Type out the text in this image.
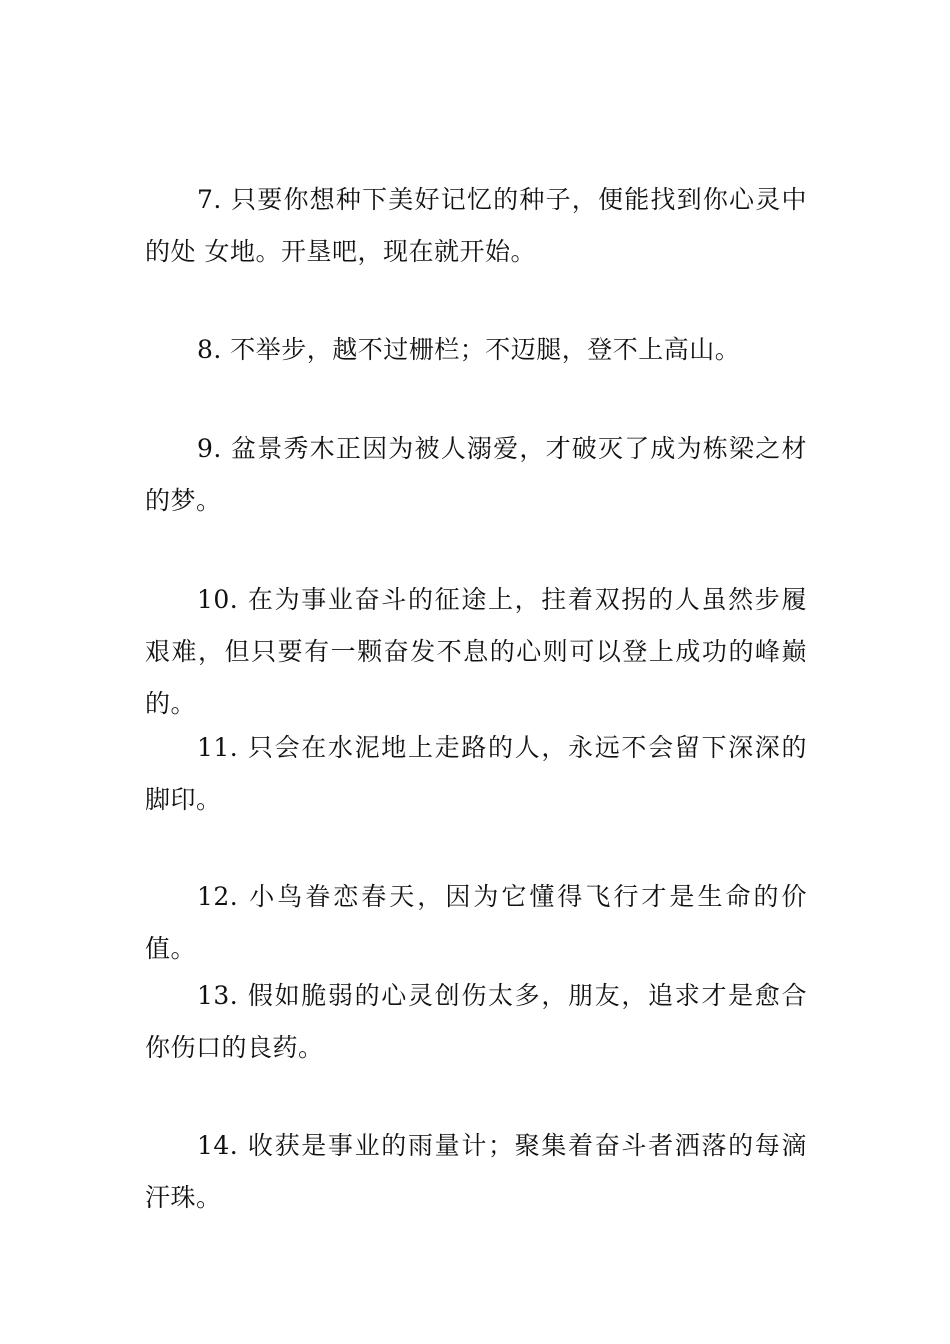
7. 只要你想种下美好记忆的种子，便能找到你心灵中的处 女地。开垦吧，现在就开始。

8. 不举步，越不过栅栏；不迈腿，登不上高山。

9. 盆景秀木正因为被人溺爱，才破灭了成为栋梁之材的梦。

10. 在为事业奋斗的征途上，拄着双拐的人虽然步履艰难，但只要有一颗奋发不息的心则可以登上成功的峰巅的。

11. 只会在水泥地上走路的人，永远不会留下深深的脚印。

12. 小鸟眷恋春天，因为它懂得飞行才是生命的价值。

13. 假如脆弱的心灵创伤太多，朋友，追求才是愈合你伤口的良药。

14. 收获是事业的雨量计；聚集着奋斗者洒落的每滴汗珠。
